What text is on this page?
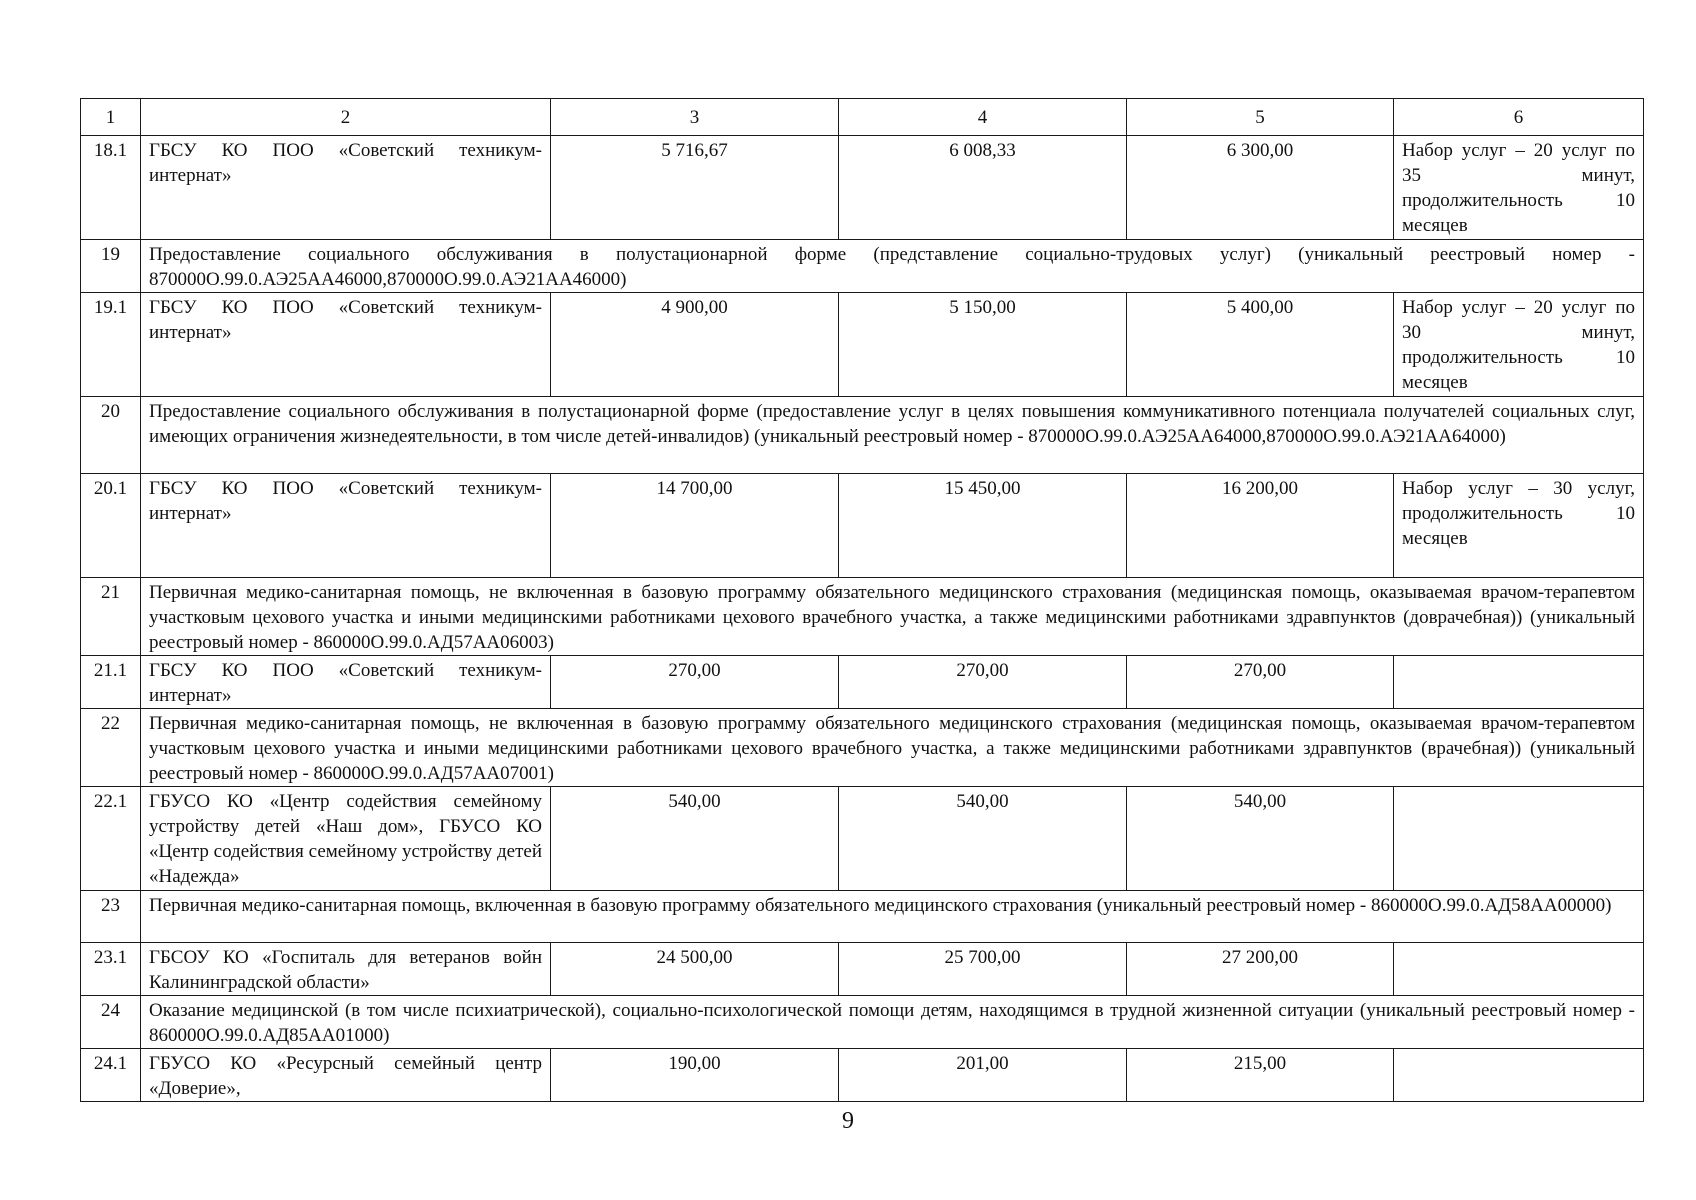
1	2	3	4	5	6
18.1	ГБСУ КО ПОО «Советский техникум-интернат»	5 716,67	6 008,33	6 300,00	Набор услуг – 20 услуг по 35 минут, продолжительность 10 месяцев
19	Предоставление социального обслуживания в полустационарной форме (представление социально-трудовых услуг) (уникальный реестровый номер - 870000О.99.0.АЭ25АА46000,870000О.99.0.АЭ21АА46000)				
19.1	ГБСУ КО ПОО «Советский техникум-интернат»	4 900,00	5 150,00	5 400,00	Набор услуг – 20 услуг по 30 минут, продолжительность 10 месяцев
20	Предоставление социального обслуживания в полустационарной форме (предоставление услуг в целях повышения коммуникативного потенциала получателей социальных слуг, имеющих ограничения жизнедеятельности, в том числе детей-инвалидов) (уникальный реестровый номер - 870000О.99.0.АЭ25АА64000,870000О.99.0.АЭ21АА64000)				
20.1	ГБСУ КО ПОО «Советский техникум-интернат»	14 700,00	15 450,00	16 200,00	Набор услуг – 30 услуг, продолжительность 10 месяцев
21	Первичная медико-санитарная помощь, не включенная в базовую программу обязательного медицинского страхования (медицинская помощь, оказываемая врачом-терапевтом участковым цехового участка и иными медицинскими работниками цехового врачебного участка, а также медицинскими работниками здравпунктов (доврачебная)) (уникальный реестровый номер - 860000О.99.0.АД57АА06003)				
21.1	ГБСУ КО ПОО «Советский техникум-интернат»	270,00	270,00	270,00	
22	Первичная медико-санитарная помощь, не включенная в базовую программу обязательного медицинского страхования (медицинская помощь, оказываемая врачом-терапевтом участковым цехового участка и иными медицинскими работниками цехового врачебного участка, а также медицинскими работниками здравпунктов (врачебная)) (уникальный реестровый номер - 860000О.99.0.АД57АА07001)				
22.1	ГБУСО КО «Центр содействия семейному устройству детей «Наш дом», ГБУСО КО «Центр содействия семейному устройству детей «Надежда»	540,00	540,00	540,00	
23	Первичная медико-санитарная помощь, включенная в базовую программу обязательного медицинского страхования (уникальный реестровый номер - 860000О.99.0.АД58АА00000)				
23.1	ГБСОУ КО «Госпиталь для ветеранов войн Калининградской области»	24 500,00	25 700,00	27 200,00	
24	Оказание медицинской (в том числе психиатрической), социально-психологической помощи детям, находящимся в трудной жизненной ситуации (уникальный реестровый номер - 860000О.99.0.АД85АА01000)				
24.1	ГБУСО КО «Ресурсный семейный центр «Доверие»,	190,00	201,00	215,00	
9
